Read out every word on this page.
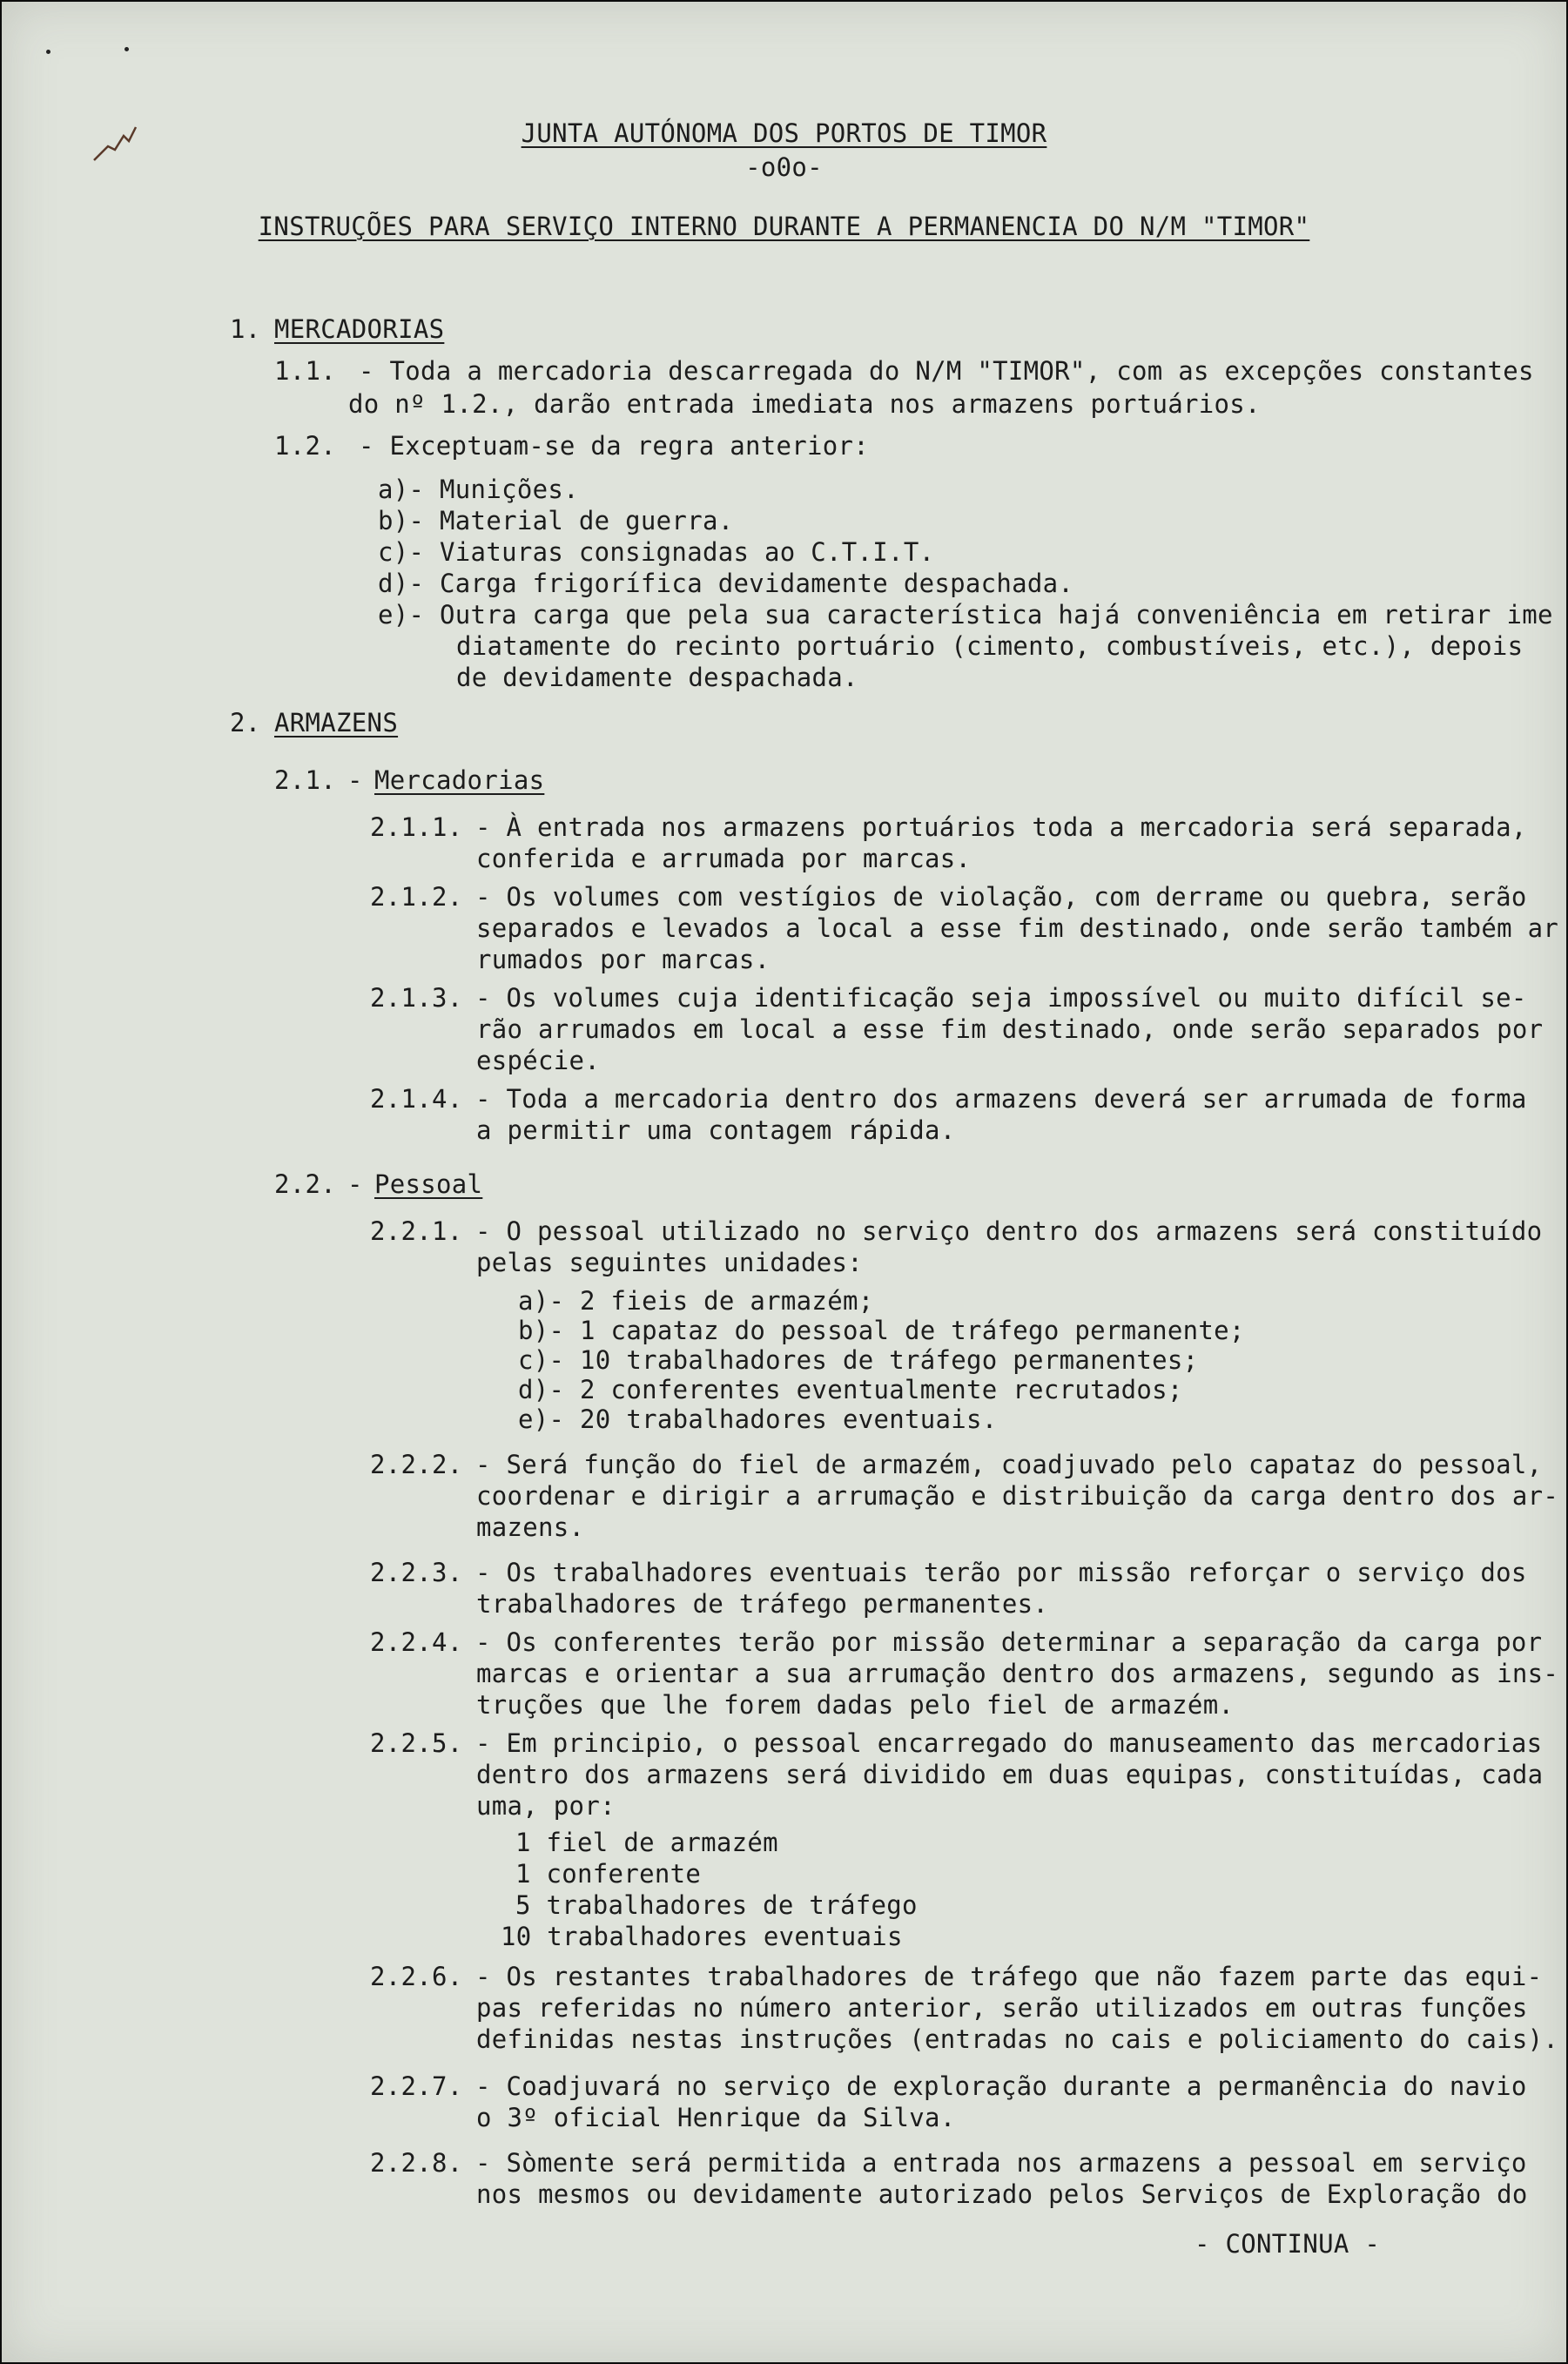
JUNTA AUTÓNOMA DOS PORTOS DE TIMOR
-o0o-
INSTRUÇÕES PARA SERVIÇO INTERNO DURANTE A PERMANENCIA DO N/M "TIMOR"
1. MERCADORIAS
1.1. - Toda a mercadoria descarregada do N/M "TIMOR", com as excepções constantes
do nº 1.2., darão entrada imediata nos armazens portuários.
1.2. - Exceptuam-se da regra anterior:
a)- Munições.
b)- Material de guerra.
c)- Viaturas consignadas ao C.T.I.T.
d)- Carga frigorífica devidamente despachada.
e)- Outra carga que pela sua característica hajá conveniência em retirar ime
diatamente do recinto portuário (cimento, combustíveis, etc.), depois
de devidamente despachada.
2. ARMAZENS
2.1. - Mercadorias
2.1.1. - À entrada nos armazens portuários toda a mercadoria será separada,
conferida e arrumada por marcas.
2.1.2. - Os volumes com vestígios de violação, com derrame ou quebra, serão
separados e levados a local a esse fim destinado, onde serão também ar
rumados por marcas.
2.1.3. - Os volumes cuja identificação seja impossível ou muito difícil se-
rão arrumados em local a esse fim destinado, onde serão separados por
espécie.
2.1.4. - Toda a mercadoria dentro dos armazens deverá ser arrumada de forma
a permitir uma contagem rápida.
2.2. - Pessoal
2.2.1. - O pessoal utilizado no serviço dentro dos armazens será constituído
pelas seguintes unidades:
a)- 2 fieis de armazém;
b)- 1 capataz do pessoal de tráfego permanente;
c)- 10 trabalhadores de tráfego permanentes;
d)- 2 conferentes eventualmente recrutados;
e)- 20 trabalhadores eventuais.
2.2.2. - Será função do fiel de armazém, coadjuvado pelo capataz do pessoal,
coordenar e dirigir a arrumação e distribuição da carga dentro dos ar-
mazens.
2.2.3. - Os trabalhadores eventuais terão por missão reforçar o serviço dos
trabalhadores de tráfego permanentes.
2.2.4. - Os conferentes terão por missão determinar a separação da carga por
marcas e orientar a sua arrumação dentro dos armazens, segundo as ins-
truções que lhe forem dadas pelo fiel de armazém.
2.2.5. - Em principio, o pessoal encarregado do manuseamento das mercadorias
dentro dos armazens será dividido em duas equipas, constituídas, cada
uma, por:
1 fiel de armazém
1 conferente
5 trabalhadores de tráfego
10 trabalhadores eventuais
2.2.6. - Os restantes trabalhadores de tráfego que não fazem parte das equi-
pas referidas no número anterior, serão utilizados em outras funções
definidas nestas instruções (entradas no cais e policiamento do cais).
2.2.7. - Coadjuvará no serviço de exploração durante a permanência do navio
o 3º oficial Henrique da Silva.
2.2.8. - Sòmente será permitida a entrada nos armazens a pessoal em serviço
nos mesmos ou devidamente autorizado pelos Serviços de Exploração do
- CONTINUA -
